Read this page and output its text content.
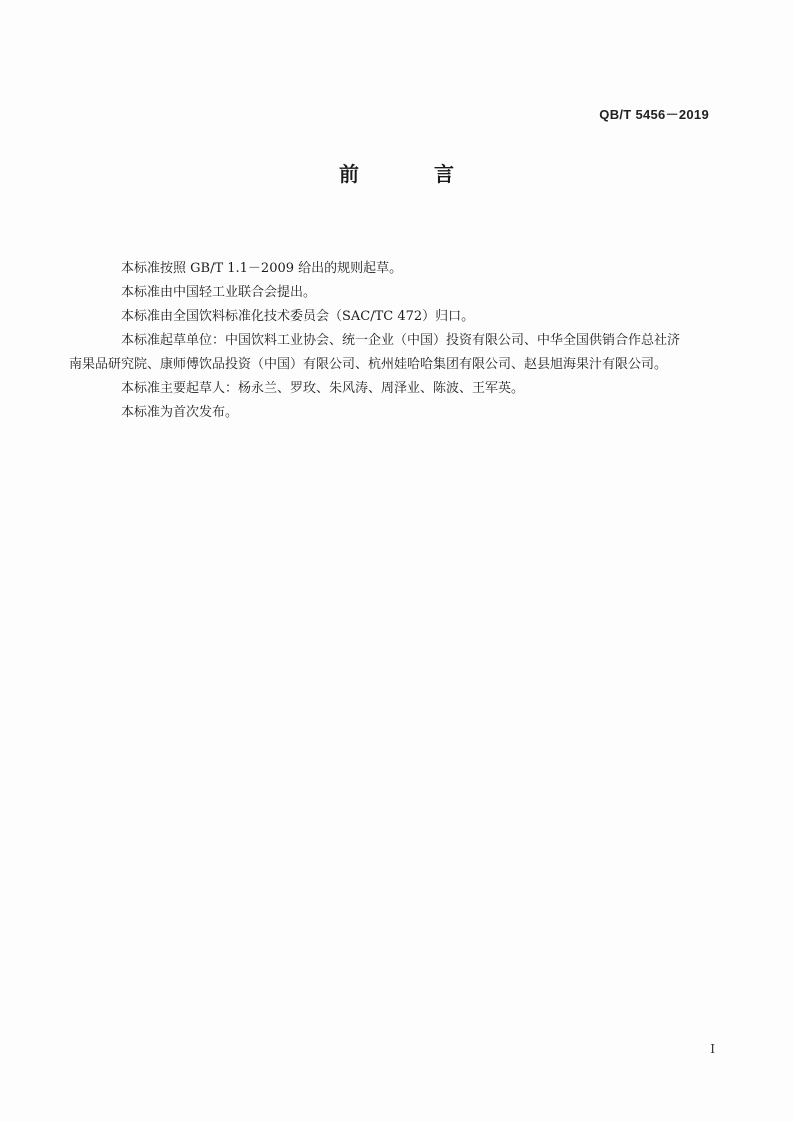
QB/T 5456－2019
前 言

本标准按照 GB/T 1.1－2009 给出的规则起草。

本标准由中国轻工业联合会提出。

本标准由全国饮料标准化技术委员会（SAC/TC 472）归口。

本标准起草单位：中国饮料工业协会、统一企业（中国）投资有限公司、中华全国供销合作总社济
南果品研究院、康师傅饮品投资（中国）有限公司、杭州娃哈哈集团有限公司、赵县旭海果汁有限公司。

本标准主要起草人：杨永兰、罗玫、朱风涛、周泽业、陈波、王军英。

本标准为首次发布。

I
